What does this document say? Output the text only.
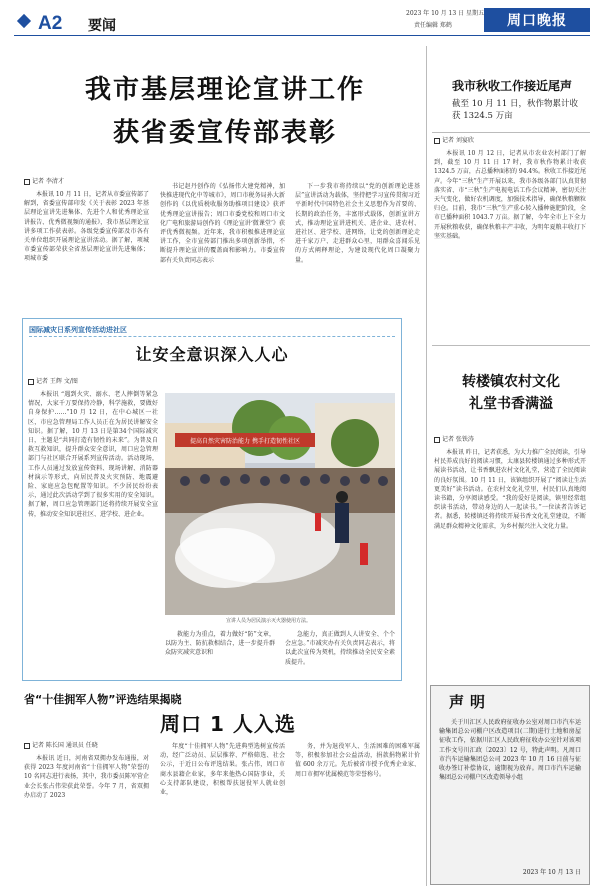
A2 要闻
2023 年 10 月 13 日 星期五
责任编辑 郑鹤	周口晚报
我市基层理论宣讲工作
获省委宣传部表彰
记者 李清才

本报讯 10 月 11 日，记者从市委宣传部了解到，省委宣传部印发《关于表彰 2023 年基层理论宣讲先进集体、先进个人和优秀理论宣讲报告、优秀微视频的通报》，我市基层理论宣讲多项工作获表彰。各级党委宣传部及市各有关单位组织开展理论宣讲活动。据了解，项城市委宣传部荣获全省基层理论宣讲先进集体；项城市委

书记赵丹创作的《弘扬伟大建党精神，加快推进现代化中等城市》，周口市税务局孙大新创作的《以优质税收服务助推项目建设》获评优秀理论宣讲报告；周口市委党校和周口市文化广电和旅游局创作的《理论宣讲‘微课堂’》获评优秀微视频。近年来，我市积极推进理论宣讲工作，全市宣传部门推出多项创新举措，不断提升理论宣讲的覆盖面和影响力。市委宣传部有关负责同志表示

下一步我市将持续以“党的创新理论进基层”宣讲活动为载体，坚持把学习宣传贯彻习近平新时代中国特色社会主义思想作为首要的、长期的政治任务，丰富形式载体，创新宣讲方式，推动理论宣讲进机关、进企业、进农村、进社区、进学校、进网络，让党的创新理论走进千家万户、走进群众心里，用群众喜闻乐见的方式阐释理论，为建设现代化周口凝聚力量。

国际减灾日系列宣传活动进社区
让安全意识深入人心
记者 王辉 文/图

本报讯 “遇到火灾、溺水、老人摔倒等紧急情况，大家千万要保持冷静，科学施救，要做好自身保护……”10 月 12 日，在中心城区一社区，市应急管理局工作人员正在为居民讲解安全知识。据了解，10 月 13 日是第34个国际减灾日，主题是“共同打造有韧性的未来”。为普及自救互救知识，提升群众安全意识，周口应急管理部门与社区联合开展系列宣传活动。活动现场，工作人员通过发放宣传资料、现场讲解、消防器材演示等形式，向居民普及火灾预防、地震避险、家庭应急包配置等知识。不少居民纷纷表示，通过此次活动学到了很多实用的安全知识。据了解，周口应急管理部门还将持续开展安全宣传，推动安全知识进社区、进学校、进企业。

提高自然灾害防治能力 携手打造韧性社区
宣讲人员为居民演示灭火器使用方法。

救能力为重点，着力做好“防”文章，以防为主、防抗救相结合，进一步提升群众防灾减灾意识和

急能力，真正做到人人讲安全、个个会应急。”市减灾办有关负责同志表示，将以此次宣传为契机，持续推动全民安全素质提升。

省“十佳拥军人物”评选结果揭晓
周口 1 人入选
记者 陈长国 通讯员 任晓

本报讯 近日，河南省双拥办发布通报，对获得 2023 年度河南省“十佳拥军人物”荣誉的 10 名同志进行表扬，其中，我市委员陈军营企业会长张占伟荣获此荣誉。今年 7 月，省双拥办启动了 2023

年度“十佳拥军人物”先进典型选树宣传活动，经广泛动员、层层推荐、严格筛选、社会公示，于近日公布评选结果。张占伟，周口市商水县籍企业家，多年来他热心国防事业，关心支持部队建设，积极帮扶退役军人就业创业，

务，并为退役军人、生活困难的困难军属等，积极参加社会公益活动，捐款捐物累计价值 600 余万元。先后被省市授予优秀企业家、周口市拥军优属模范等荣誉称号。

我市秋收工作接近尾声
截至 10 月 11 日，秋作物累计收获 1324.5 万亩
记者 刘宴欣

本报讯 10 月 12 日，记者从市农业农村部门了解到，截至 10 月 11 日 17 时，我市秋作物累计收获 1324.5 万亩，占总播种面积的 94.4%。秋收工作接近尾声。今年“三秋”生产开展以来，我市各级各部门认真贯彻落实省、市“三秋”生产电视电话工作会议精神，密切关注天气变化，做好农机调度，加强技术指导，确保秋粮颗粒归仓。目前，我市“三秋”生产重心转入播种施肥阶段，全市已播种面积 1043.7 万亩。据了解，今年全市上下全力开展秋粮收获，确保秋粮丰产丰收，为明年夏粮丰收打下坚实基础。

转楼镇农村文化
礼堂书香满溢
记者 张铁涛

本报讯 昨日，记者获悉，为大力推广全民阅读，引导村民养成良好的阅读习惯，太康县转楼镇通过多种形式开展读书活动，让书香飘进农村文化礼堂，营造了全民阅读的良好氛围。10 月 11 日，该镇组织开展了“阅读让生活更美好”读书活动。在农村文化礼堂里，村民们认真地阅读书籍，分享阅读感受。“我的爱好是阅读，镇里经常组织读书活动，带动身边的人一起读书。”一位读者告诉记者。据悉，转楼镇还将持续开展书香文化礼堂建设，不断满足群众精神文化需求，为乡村振兴注入文化力量。

声明

关于川汇区人民政府征收办公室对周口市汽车运输集团总公司棚户区改造项目(二期)进行土地和房屋征收工作，依据川汇区人民政府征收办公室针对该项工作文号川汇政〔2023〕12 号，特此声明。凡周口市汽车运输集团总公司 2023 年 10 月 16 日前与征收办签订补偿协议，逾期视为放弃。周口市汽车运输集团总公司棚户区改造领导小组

2023 年 10 月 13 日
